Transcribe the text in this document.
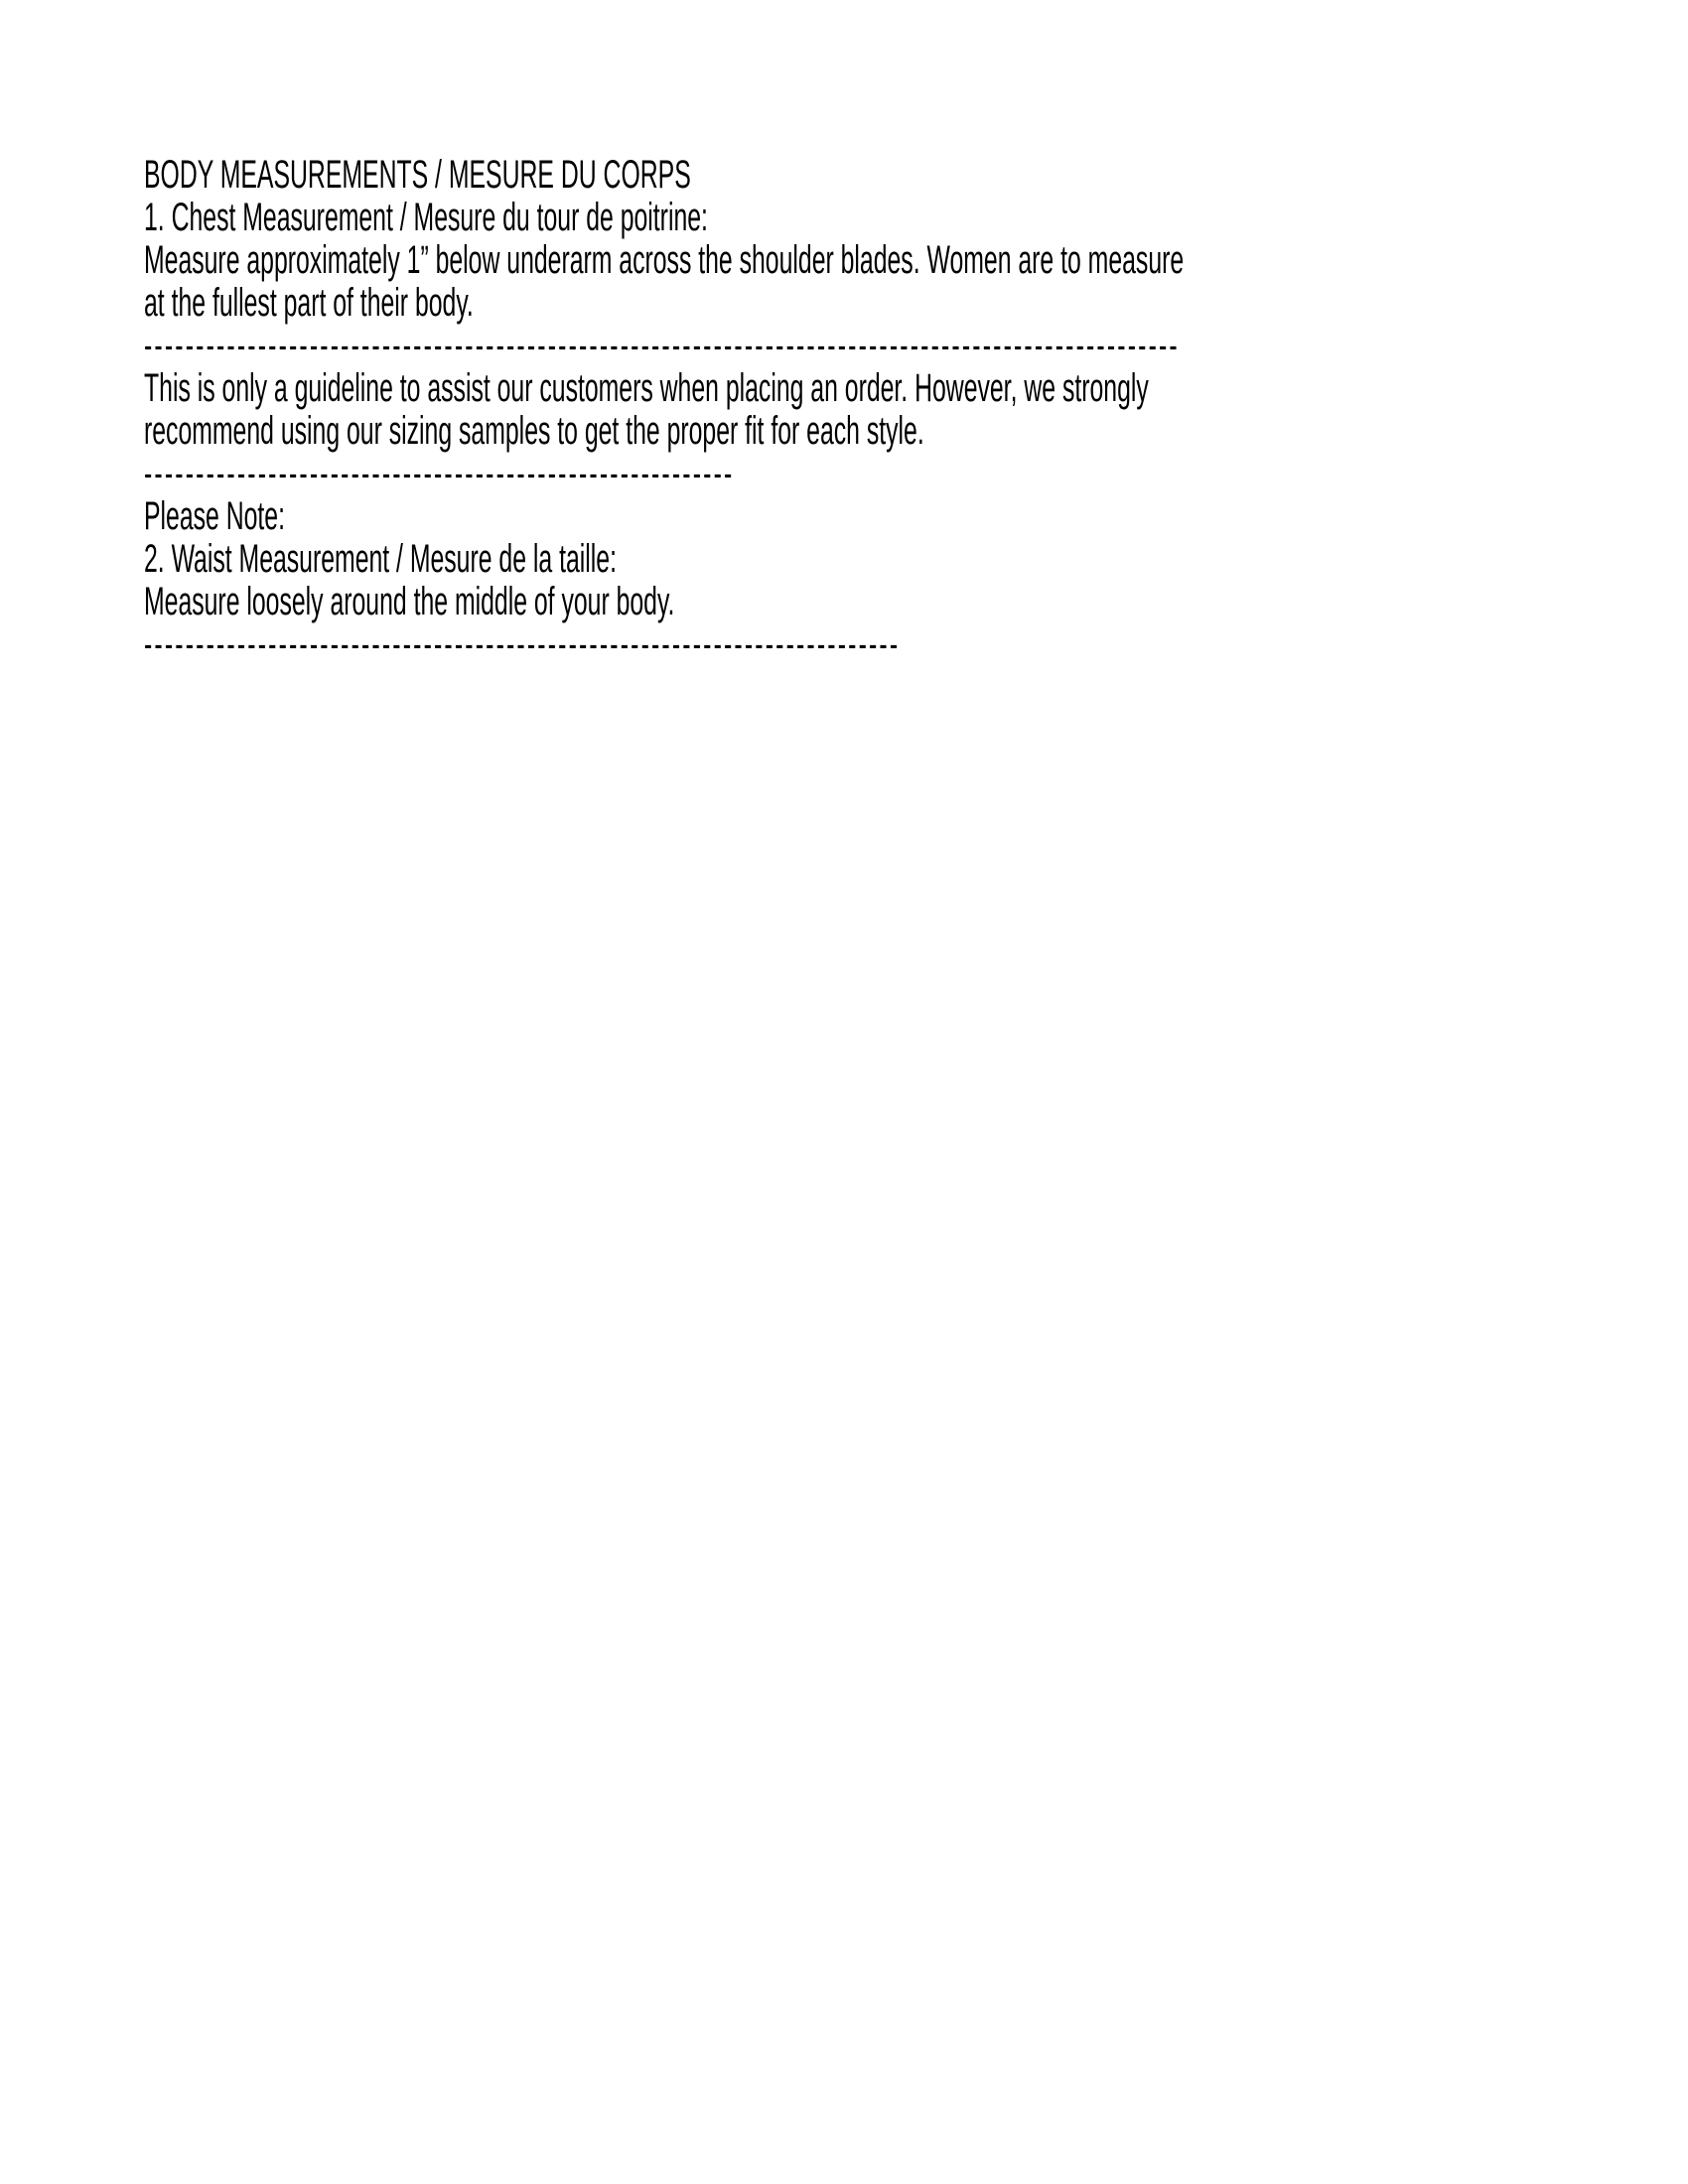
BODY MEASUREMENTS / MESURE DU CORPS
1. Chest Measurement / Mesure du tour de poitrine:
Measure approximately 1” below underarm across the shoulder blades. Women are to measure
at the fullest part of their body.
----------------------------------------------------------------------------------------------------
This is only a guideline to assist our customers when placing an order. However, we strongly
recommend using our sizing samples to get the proper fit for each style.
---------------------------------------------------------
Please Note:
2. Waist Measurement / Mesure de la taille:
Measure loosely around the middle of your body.
-------------------------------------------------------------------------
